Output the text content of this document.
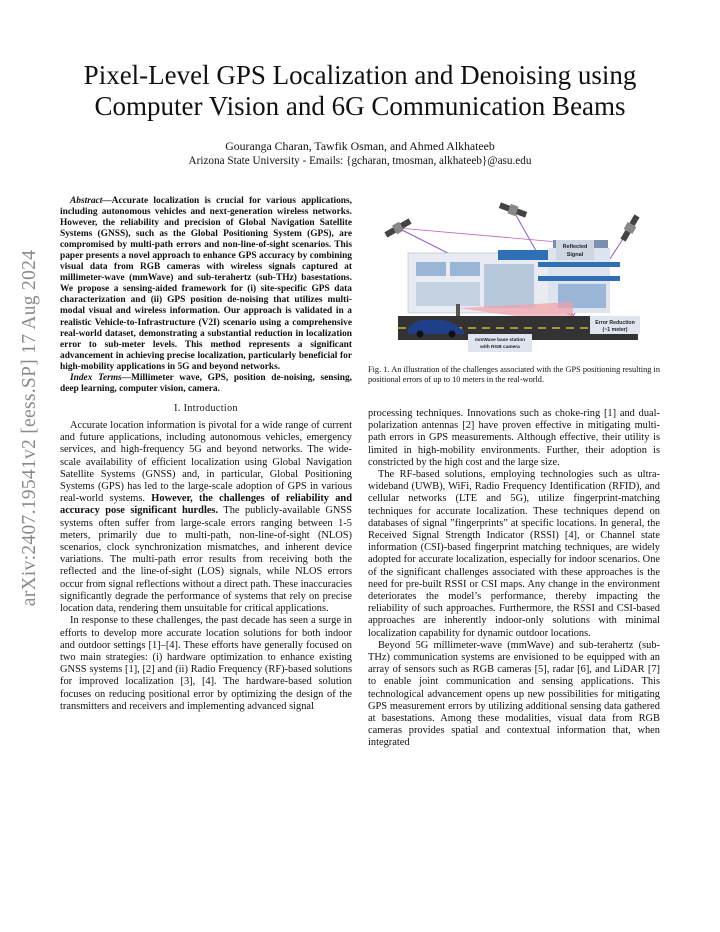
arXiv:2407.19541v2 [eess.SP] 17 Aug 2024
Pixel-Level GPS Localization and Denoising using Computer Vision and 6G Communication Beams
Gouranga Charan, Tawfik Osman, and Ahmed Alkhateeb
Arizona State University - Emails: {gcharan, tmosman, alkhateeb}@asu.edu

Abstract—Accurate localization is crucial for various applications, including autonomous vehicles and next-generation wireless networks. However, the reliability and precision of Global Navigation Satellite Systems (GNSS), such as the Global Positioning System (GPS), are compromised by multi-path errors and non-line-of-sight scenarios. This paper presents a novel approach to enhance GPS accuracy by combining visual data from RGB cameras with wireless signals captured at millimeter-wave (mmWave) and sub-terahertz (sub-THz) basestations. We propose a sensing-aided framework for (i) site-specific GPS data characterization and (ii) GPS position de-noising that utilizes multi-modal visual and wireless information. Our approach is validated in a realistic Vehicle-to-Infrastructure (V2I) scenario using a comprehensive real-world dataset, demonstrating a substantial reduction in localization error to sub-meter levels. This method represents a significant advancement in achieving precise localization, particularly beneficial for high-mobility applications in 5G and beyond networks.

Index Terms—Millimeter wave, GPS, position de-noising, sensing, deep learning, computer vision, camera.

I. Introduction

Accurate location information is pivotal for a wide range of current and future applications, including autonomous vehicles, emergency services, and high-frequency 5G and beyond networks. The wide-scale availability of efficient localization using Global Navigation Satellite Systems (GNSS) and, in particular, Global Positioning Systems (GPS) has led to the large-scale adoption of GPS in various real-world systems. However, the challenges of reliability and accuracy pose significant hurdles. The publicly-available GNSS systems often suffer from large-scale errors ranging between 1-5 meters, primarily due to multi-path, non-line-of-sight (NLOS) scenarios, clock synchronization mismatches, and inherent device variations. The multi-path error results from receiving both the reflected and the line-of-sight (LOS) signals, while NLOS errors occur from signal reflections without a direct path. These inaccuracies significantly degrade the performance of systems that rely on precise location data, rendering them unsuitable for critical applications.

In response to these challenges, the past decade has seen a surge in efforts to develop more accurate location solutions for both indoor and outdoor settings [1]–[4]. These efforts have generally focused on two main strategies: (i) hardware optimization to enhance existing GNSS systems [1], [2] and (ii) Radio Frequency (RF)-based solutions for improved localization [3], [4]. The hardware-based solution focuses on reducing positional error by optimizing the design of the transmitters and receivers and implementing advanced signal

Reflected
Signal
Error Reduction
(~1 meter)
mmWave base station
with RGB camera
Fig. 1. An illustration of the challenges associated with the GPS positioning resulting in positional errors of up to 10 meters in the real-world.

processing techniques. Innovations such as choke-ring [1] and dual-polarization antennas [2] have proven effective in mitigating multi-path errors in GPS measurements. Although effective, their utility is limited in high-mobility environments. Further, their adoption is constricted by the high cost and the large size.

The RF-based solutions, employing technologies such as ultra-wideband (UWB), WiFi, Radio Frequency Identification (RFID), and cellular networks (LTE and 5G), utilize fingerprint-matching techniques for accurate localization. These techniques depend on databases of signal ”fingerprints” at specific locations. In general, the Received Signal Strength Indicator (RSSI) [4], or Channel state information (CSI)-based fingerprint matching techniques, are widely adopted for accurate localization, especially for indoor scenarios. One of the significant challenges associated with these approaches is the need for pre-built RSSI or CSI maps. Any change in the environment deteriorates the model’s performance, thereby impacting the reliability of such approaches. Furthermore, the RSSI and CSI-based approaches are inherently indoor-only solutions with minimal localization capability for dynamic outdoor locations.

Beyond 5G millimeter-wave (mmWave) and sub-terahertz (sub-THz) communication systems are envisioned to be equipped with an array of sensors such as RGB cameras [5], radar [6], and LiDAR [7] to enable joint communication and sensing applications. This technological advancement opens up new possibilities for mitigating GPS measurement errors by utilizing additional sensing data gathered at basestations. Among these modalities, visual data from RGB cameras provides spatial and contextual information that, when integrated
